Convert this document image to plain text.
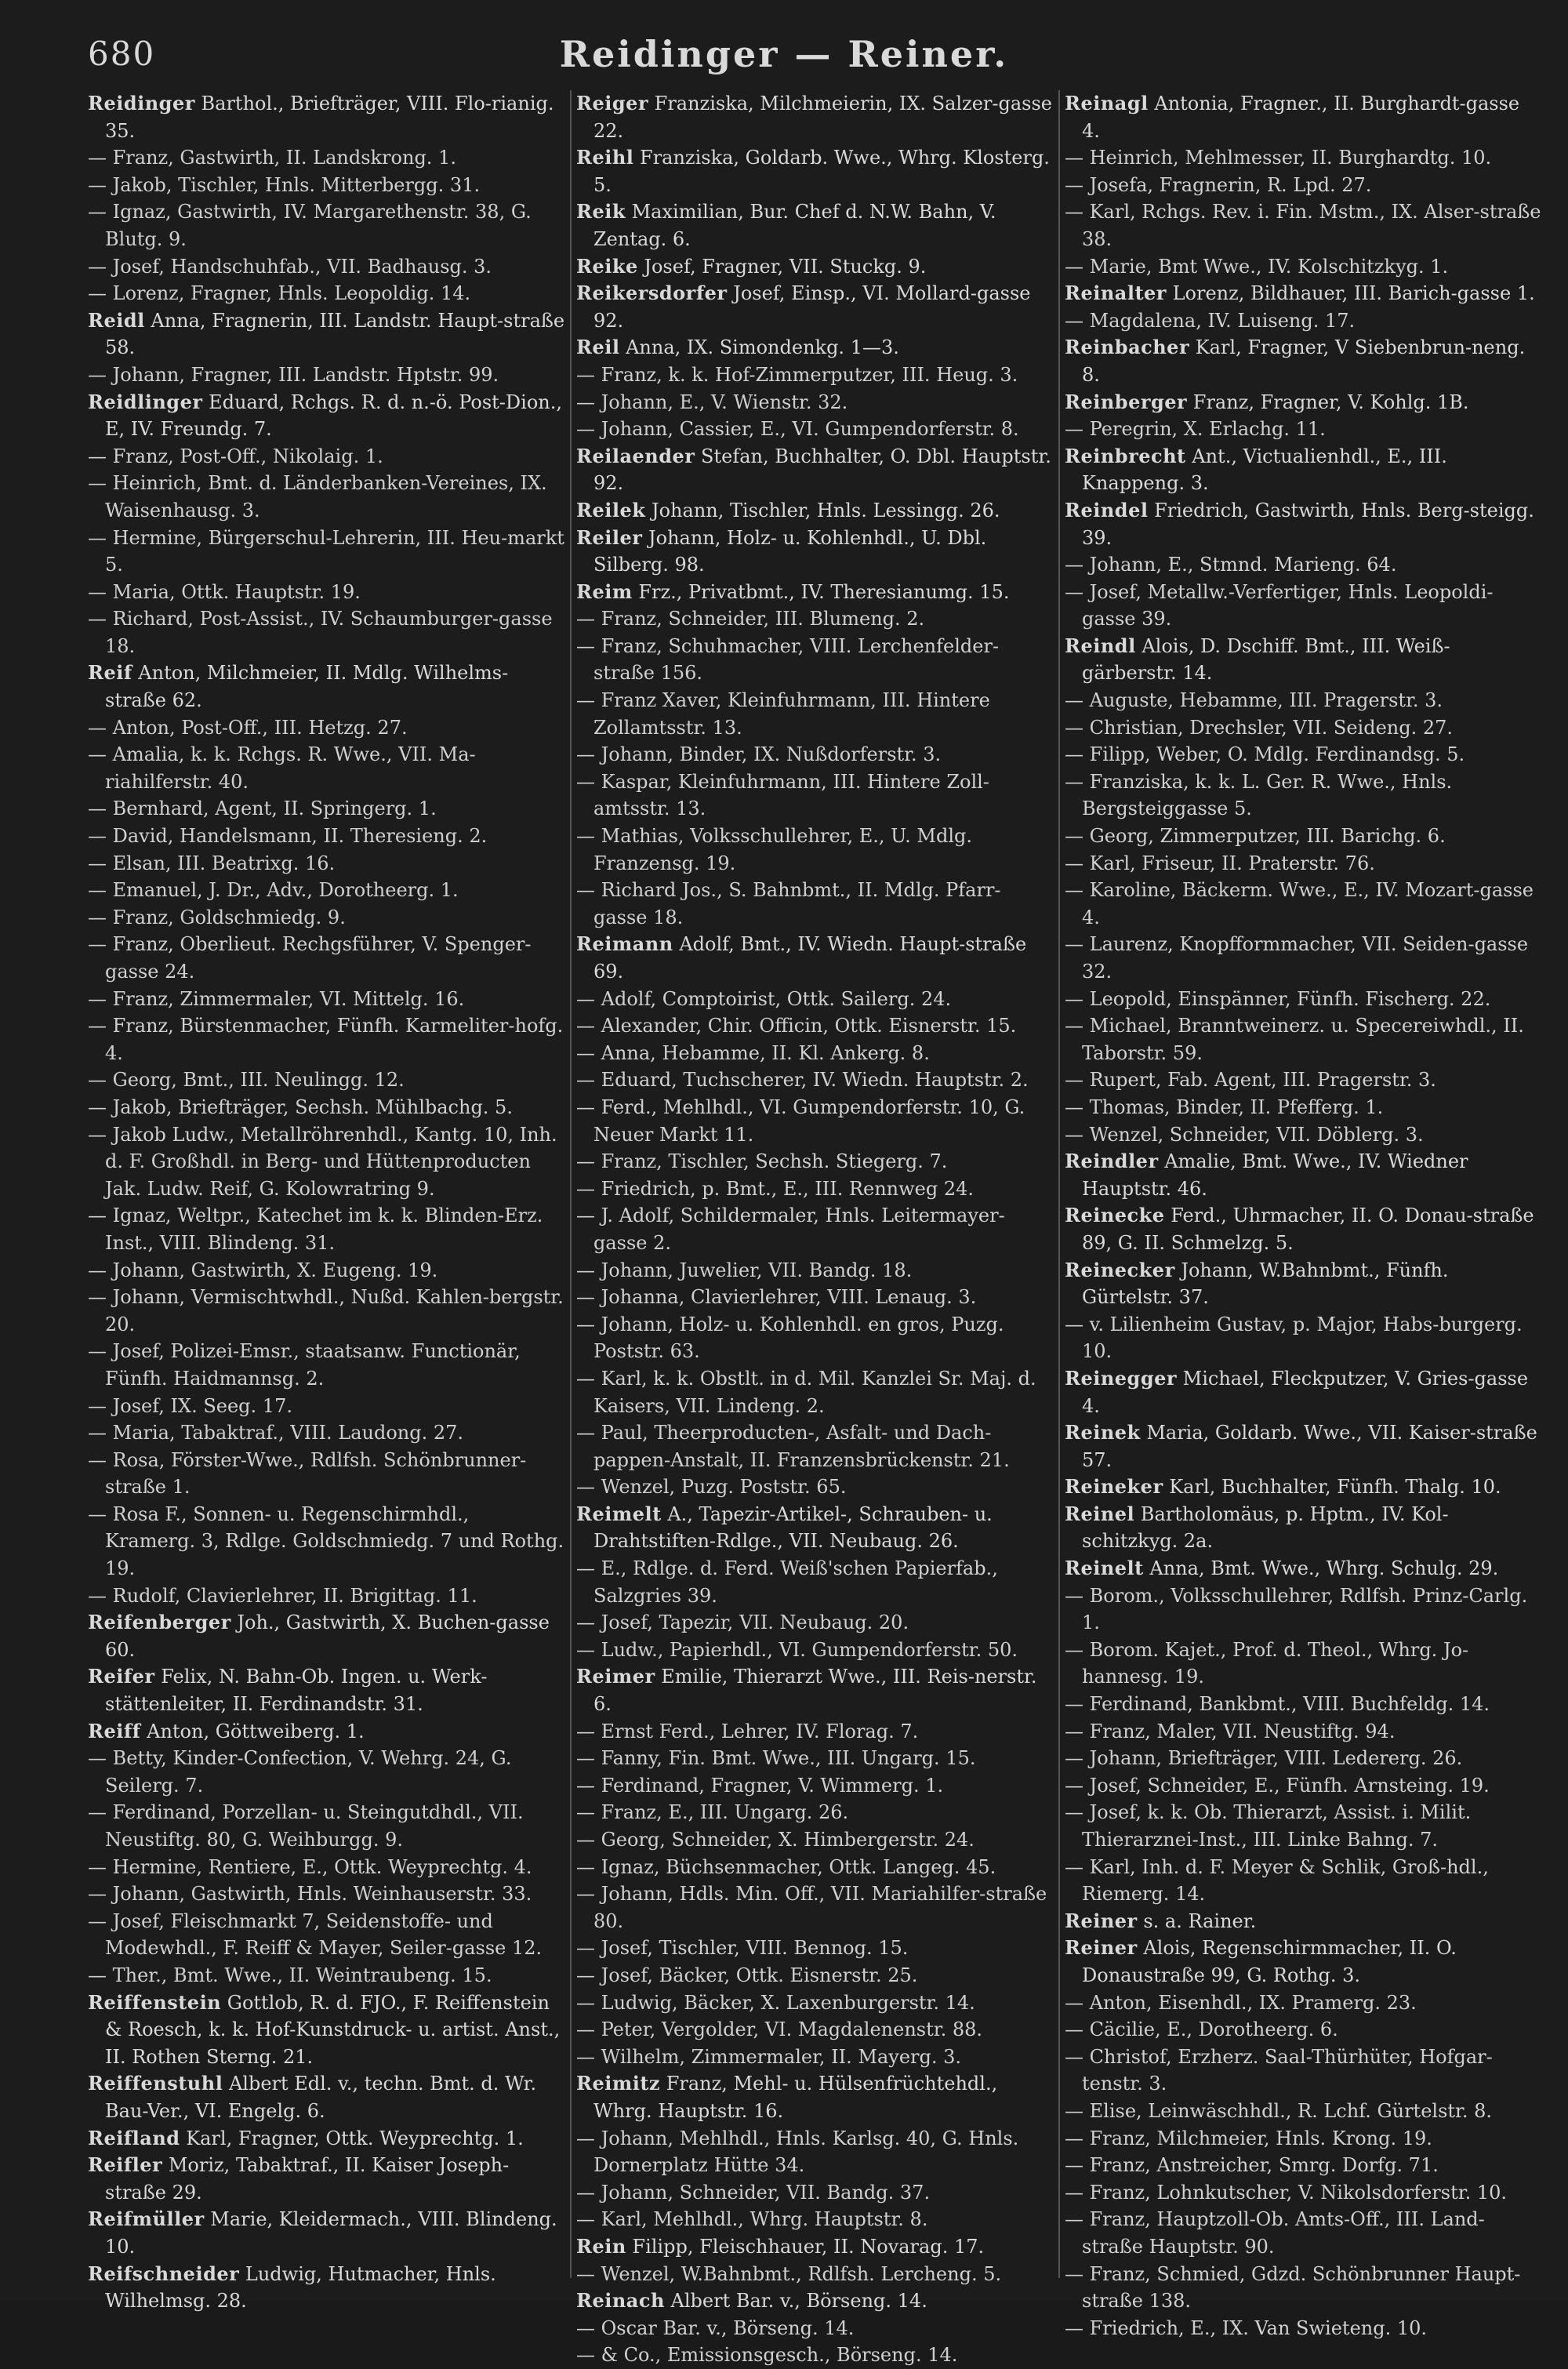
680	Reidinger — Reiner.

Reidinger Barthol., Briefträger, VIII. Flo-rianig. 35.

— Franz, Gastwirth, II. Landskrong. 1.

— Jakob, Tischler, Hnls. Mitterbergg. 31.

— Ignaz, Gastwirth, IV. Margarethenstr. 38, G. Blutg. 9.

— Josef, Handschuhfab., VII. Badhausg. 3.

— Lorenz, Fragner, Hnls. Leopoldig. 14.

Reidl Anna, Fragnerin, III. Landstr. Haupt-straße 58.

— Johann, Fragner, III. Landstr. Hptstr. 99.

Reidlinger Eduard, Rchgs. R. d. n.-ö. Post-Dion., E, IV. Freundg. 7.

— Franz, Post-Off., Nikolaig. 1.

— Heinrich, Bmt. d. Länderbanken-Vereines, IX. Waisenhausg. 3.

— Hermine, Bürgerschul-Lehrerin, III. Heu-markt 5.

— Maria, Ottk. Hauptstr. 19.

— Richard, Post-Assist., IV. Schaumburger-gasse 18.

Reif Anton, Milchmeier, II. Mdlg. Wilhelms-straße 62.

— Anton, Post-Off., III. Hetzg. 27.

— Amalia, k. k. Rchgs. R. Wwe., VII. Ma-riahilferstr. 40.

— Bernhard, Agent, II. Springerg. 1.

— David, Handelsmann, II. Theresieng. 2.

— Elsan, III. Beatrixg. 16.

— Emanuel, J. Dr., Adv., Dorotheerg. 1.

— Franz, Goldschmiedg. 9.

— Franz, Oberlieut. Rechgsführer, V. Spenger-gasse 24.

— Franz, Zimmermaler, VI. Mittelg. 16.

— Franz, Bürstenmacher, Fünfh. Karmeliter-hofg. 4.

— Georg, Bmt., III. Neulingg. 12.

— Jakob, Briefträger, Sechsh. Mühlbachg. 5.

— Jakob Ludw., Metallröhrenhdl., Kantg. 10, Inh. d. F. Großhdl. in Berg- und Hüttenproducten Jak. Ludw. Reif, G. Kolowratring 9.

— Ignaz, Weltpr., Katechet im k. k. Blinden-Erz. Inst., VIII. Blindeng. 31.

— Johann, Gastwirth, X. Eugeng. 19.

— Johann, Vermischtwhdl., Nußd. Kahlen-bergstr. 20.

— Josef, Polizei-Emsr., staatsanw. Functionär, Fünfh. Haidmannsg. 2.

— Josef, IX. Seeg. 17.

— Maria, Tabaktraf., VIII. Laudong. 27.

— Rosa, Förster-Wwe., Rdlfsh. Schönbrunner-straße 1.

— Rosa F., Sonnen- u. Regenschirmhdl., Kramerg. 3, Rdlge. Goldschmiedg. 7 und Rothg. 19.

— Rudolf, Clavierlehrer, II. Brigittag. 11.

Reifenberger Joh., Gastwirth, X. Buchen-gasse 60.

Reifer Felix, N. Bahn-Ob. Ingen. u. Werk-stättenleiter, II. Ferdinandstr. 31.

Reiff Anton, Göttweiberg. 1.

— Betty, Kinder-Confection, V. Wehrg. 24, G. Seilerg. 7.

— Ferdinand, Porzellan- u. Steingutdhdl., VII. Neustiftg. 80, G. Weihburgg. 9.

— Hermine, Rentiere, E., Ottk. Weyprechtg. 4.

— Johann, Gastwirth, Hnls. Weinhauserstr. 33.

— Josef, Fleischmarkt 7, Seidenstoffe- und Modewhdl., F. Reiff & Mayer, Seiler-gasse 12.

— Ther., Bmt. Wwe., II. Weintraubeng. 15.

Reiffenstein Gottlob, R. d. FJO., F. Reiffenstein & Roesch, k. k. Hof-Kunstdruck- u. artist. Anst., II. Rothen Sterng. 21.

Reiffenstuhl Albert Edl. v., techn. Bmt. d. Wr. Bau-Ver., VI. Engelg. 6.

Reifland Karl, Fragner, Ottk. Weyprechtg. 1.

Reifler Moriz, Tabaktraf., II. Kaiser Joseph-straße 29.

Reifmüller Marie, Kleidermach., VIII. Blindeng. 10.

Reifschneider Ludwig, Hutmacher, Hnls. Wilhelmsg. 28.

Reiger Franziska, Milchmeierin, IX. Salzer-gasse 22.

Reihl Franziska, Goldarb. Wwe., Whrg. Klosterg. 5.

Reik Maximilian, Bur. Chef d. N.W. Bahn, V. Zentag. 6.

Reike Josef, Fragner, VII. Stuckg. 9.

Reikersdorfer Josef, Einsp., VI. Mollard-gasse 92.

Reil Anna, IX. Simondenkg. 1—3.

— Franz, k. k. Hof-Zimmerputzer, III. Heug. 3.

— Johann, E., V. Wienstr. 32.

— Johann, Cassier, E., VI. Gumpendorferstr. 8.

Reilaender Stefan, Buchhalter, O. Dbl. Hauptstr. 92.

Reilek Johann, Tischler, Hnls. Lessingg. 26.

Reiler Johann, Holz- u. Kohlenhdl., U. Dbl. Silberg. 98.

Reim Frz., Privatbmt., IV. Theresianumg. 15.

— Franz, Schneider, III. Blumeng. 2.

— Franz, Schuhmacher, VIII. Lerchenfelder-straße 156.

— Franz Xaver, Kleinfuhrmann, III. Hintere Zollamtsstr. 13.

— Johann, Binder, IX. Nußdorferstr. 3.

— Kaspar, Kleinfuhrmann, III. Hintere Zoll-amtsstr. 13.

— Mathias, Volksschullehrer, E., U. Mdlg. Franzensg. 19.

— Richard Jos., S. Bahnbmt., II. Mdlg. Pfarr-gasse 18.

Reimann Adolf, Bmt., IV. Wiedn. Haupt-straße 69.

— Adolf, Comptoirist, Ottk. Sailerg. 24.

— Alexander, Chir. Officin, Ottk. Eisnerstr. 15.

— Anna, Hebamme, II. Kl. Ankerg. 8.

— Eduard, Tuchscherer, IV. Wiedn. Hauptstr. 2.

— Ferd., Mehlhdl., VI. Gumpendorferstr. 10, G. Neuer Markt 11.

— Franz, Tischler, Sechsh. Stiegerg. 7.

— Friedrich, p. Bmt., E., III. Rennweg 24.

— J. Adolf, Schildermaler, Hnls. Leitermayer-gasse 2.

— Johann, Juwelier, VII. Bandg. 18.

— Johanna, Clavierlehrer, VIII. Lenaug. 3.

— Johann, Holz- u. Kohlenhdl. en gros, Puzg. Poststr. 63.

— Karl, k. k. Obstlt. in d. Mil. Kanzlei Sr. Maj. d. Kaisers, VII. Lindeng. 2.

— Paul, Theerproducten-, Asfalt- und Dach-pappen-Anstalt, II. Franzensbrückenstr. 21.

— Wenzel, Puzg. Poststr. 65.

Reimelt A., Tapezir-Artikel-, Schrauben- u. Drahtstiften-Rdlge., VII. Neubaug. 26.

— E., Rdlge. d. Ferd. Weiß'schen Papierfab., Salzgries 39.

— Josef, Tapezir, VII. Neubaug. 20.

— Ludw., Papierhdl., VI. Gumpendorferstr. 50.

Reimer Emilie, Thierarzt Wwe., III. Reis-nerstr. 6.

— Ernst Ferd., Lehrer, IV. Florag. 7.

— Fanny, Fin. Bmt. Wwe., III. Ungarg. 15.

— Ferdinand, Fragner, V. Wimmerg. 1.

— Franz, E., III. Ungarg. 26.

— Georg, Schneider, X. Himbergerstr. 24.

— Ignaz, Büchsenmacher, Ottk. Langeg. 45.

— Johann, Hdls. Min. Off., VII. Mariahilfer-straße 80.

— Josef, Tischler, VIII. Bennog. 15.

— Josef, Bäcker, Ottk. Eisnerstr. 25.

— Ludwig, Bäcker, X. Laxenburgerstr. 14.

— Peter, Vergolder, VI. Magdalenenstr. 88.

— Wilhelm, Zimmermaler, II. Mayerg. 3.

Reimitz Franz, Mehl- u. Hülsenfrüchtehdl., Whrg. Hauptstr. 16.

— Johann, Mehlhdl., Hnls. Karlsg. 40, G. Hnls. Dornerplatz Hütte 34.

— Johann, Schneider, VII. Bandg. 37.

— Karl, Mehlhdl., Whrg. Hauptstr. 8.

Rein Filipp, Fleischhauer, II. Novarag. 17.

— Wenzel, W.Bahnbmt., Rdlfsh. Lercheng. 5.

Reinach Albert Bar. v., Börseng. 14.

— Oscar Bar. v., Börseng. 14.

— & Co., Emissionsgesch., Börseng. 14.

Reinagl Antonia, Fragner., II. Burghardt-gasse 4.

— Heinrich, Mehlmesser, II. Burghardtg. 10.

— Josefa, Fragnerin, R. Lpd. 27.

— Karl, Rchgs. Rev. i. Fin. Mstm., IX. Alser-straße 38.

— Marie, Bmt Wwe., IV. Kolschitzkyg. 1.

Reinalter Lorenz, Bildhauer, III. Barich-gasse 1.

— Magdalena, IV. Luiseng. 17.

Reinbacher Karl, Fragner, V Siebenbrun-neng. 8.

Reinberger Franz, Fragner, V. Kohlg. 1B.

— Peregrin, X. Erlachg. 11.

Reinbrecht Ant., Victualienhdl., E., III. Knappeng. 3.

Reindel Friedrich, Gastwirth, Hnls. Berg-steigg. 39.

— Johann, E., Stmnd. Marieng. 64.

— Josef, Metallw.-Verfertiger, Hnls. Leopoldi-gasse 39.

Reindl Alois, D. Dschiff. Bmt., III. Weiß-gärberstr. 14.

— Auguste, Hebamme, III. Pragerstr. 3.

— Christian, Drechsler, VII. Seideng. 27.

— Filipp, Weber, O. Mdlg. Ferdinandsg. 5.

— Franziska, k. k. L. Ger. R. Wwe., Hnls. Bergsteiggasse 5.

— Georg, Zimmerputzer, III. Barichg. 6.

— Karl, Friseur, II. Praterstr. 76.

— Karoline, Bäckerm. Wwe., E., IV. Mozart-gasse 4.

— Laurenz, Knopfformmacher, VII. Seiden-gasse 32.

— Leopold, Einspänner, Fünfh. Fischerg. 22.

— Michael, Branntweinerz. u. Specereiwhdl., II. Taborstr. 59.

— Rupert, Fab. Agent, III. Pragerstr. 3.

— Thomas, Binder, II. Pfefferg. 1.

— Wenzel, Schneider, VII. Döblerg. 3.

Reindler Amalie, Bmt. Wwe., IV. Wiedner Hauptstr. 46.

Reinecke Ferd., Uhrmacher, II. O. Donau-straße 89, G. II. Schmelzg. 5.

Reinecker Johann, W.Bahnbmt., Fünfh. Gürtelstr. 37.

— v. Lilienheim Gustav, p. Major, Habs-burgerg. 10.

Reinegger Michael, Fleckputzer, V. Gries-gasse 4.

Reinek Maria, Goldarb. Wwe., VII. Kaiser-straße 57.

Reineker Karl, Buchhalter, Fünfh. Thalg. 10.

Reinel Bartholomäus, p. Hptm., IV. Kol-schitzkyg. 2a.

Reinelt Anna, Bmt. Wwe., Whrg. Schulg. 29.

— Borom., Volksschullehrer, Rdlfsh. Prinz-Carlg. 1.

— Borom. Kajet., Prof. d. Theol., Whrg. Jo-hannesg. 19.

— Ferdinand, Bankbmt., VIII. Buchfeldg. 14.

— Franz, Maler, VII. Neustiftg. 94.

— Johann, Briefträger, VIII. Ledererg. 26.

— Josef, Schneider, E., Fünfh. Arnsteing. 19.

— Josef, k. k. Ob. Thierarzt, Assist. i. Milit. Thierarznei-Inst., III. Linke Bahng. 7.

— Karl, Inh. d. F. Meyer & Schlik, Groß-hdl., Riemerg. 14.

Reiner s. a. Rainer.

Reiner Alois, Regenschirmmacher, II. O. Donaustraße 99, G. Rothg. 3.

— Anton, Eisenhdl., IX. Pramerg. 23.

— Cäcilie, E., Dorotheerg. 6.

— Christof, Erzherz. Saal-Thürhüter, Hofgar-tenstr. 3.

— Elise, Leinwäschhdl., R. Lchf. Gürtelstr. 8.

— Franz, Milchmeier, Hnls. Krong. 19.

— Franz, Anstreicher, Smrg. Dorfg. 71.

— Franz, Lohnkutscher, V. Nikolsdorferstr. 10.

— Franz, Hauptzoll-Ob. Amts-Off., III. Land-straße Hauptstr. 90.

— Franz, Schmied, Gdzd. Schönbrunner Haupt-straße 138.

— Friedrich, E., IX. Van Swieteng. 10.
